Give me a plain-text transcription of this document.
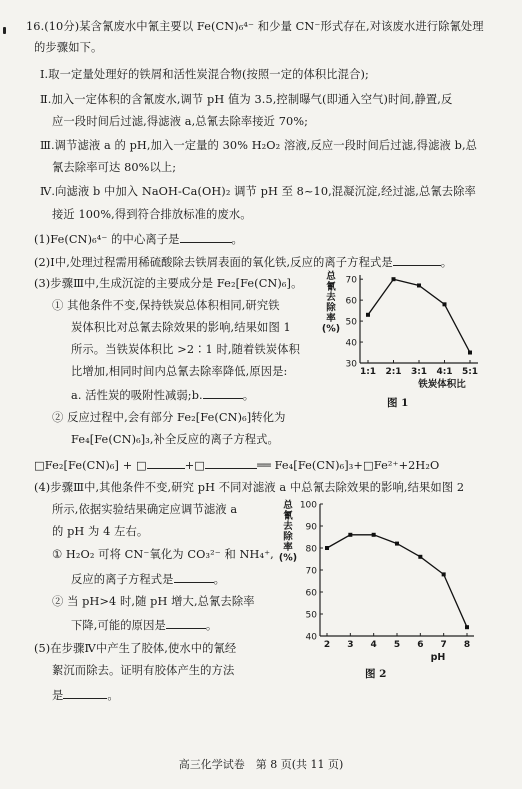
16.(10分)某含氰废水中氰主要以 Fe(CN)₆⁴⁻ 和少量 CN⁻形式存在,对该废水进行除氰处理
的步骤如下。
Ⅰ.取一定量处理好的铁屑和活性炭混合物(按照一定的体积比混合);
Ⅱ.加入一定体积的含氰废水,调节 pH 值为 3.5,控制曝气(即通入空气)时间,静置,反
应一段时间后过滤,得滤液 a,总氰去除率接近 70%;
Ⅲ.调节滤液 a 的 pH,加入一定量的 30% H₂O₂ 溶液,反应一段时间后过滤,得滤液 b,总
氰去除率可达 80%以上;
Ⅳ.向滤液 b 中加入 NaOH-Ca(OH)₂ 调节 pH 至 8~10,混凝沉淀,经过滤,总氰去除率
接近 100%,得到符合排放标准的废水。
(1)Fe(CN)₆⁴⁻ 的中心离子是	。
(2)Ⅰ中,处理过程需用稀硫酸除去铁屑表面的氧化铁,反应的离子方程式是	。
(3)步骤Ⅲ中,生成沉淀的主要成分是 Fe₂[Fe(CN)₆]。
① 其他条件不变,保持铁炭总体积相同,研究铁
炭体积比对总氰去除效果的影响,结果如图 1
所示。当铁炭体积比 >2∶1 时,随着铁炭体积
比增加,相同时间内总氰去除率降低,原因是:
a. 活性炭的吸附性减弱;b.	。
② 反应过程中,会有部分 Fe₂[Fe(CN)₆]转化为
Fe₄[Fe(CN)₆]₃,补全反应的离子方程式。
□Fe₂[Fe(CN)₆] + □	+□	══ Fe₄[Fe(CN)₆]₃+□Fe²⁺+2H₂O
(4)步骤Ⅲ中,其他条件不变,研究 pH 不同对滤液 a 中总氰去除效果的影响,结果如图 2
所示,依据实验结果确定应调节滤液 a
的 pH 为 4 左右。
① H₂O₂ 可将 CN⁻氧化为 CO₃²⁻ 和 NH₄⁺,
反应的离子方程式是	。
② 当 pH>4 时,随 pH 增大,总氰去除率
下降,可能的原因是	。
(5)在步骤Ⅳ中产生了胶体,使水中的氰经
絮沉而除去。证明有胶体产生的方法
是	。
30
40
50
60
70
1:1 2:1 3:1 4:1 5:1
总氰去除率(%)
铁炭体积比
图 1
40
50
60
70
80
90
100
2 3 4 5 6 7 8
总氰去除率(%)
pH
图 2
高三化学试卷　第 8 页(共 11 页)
